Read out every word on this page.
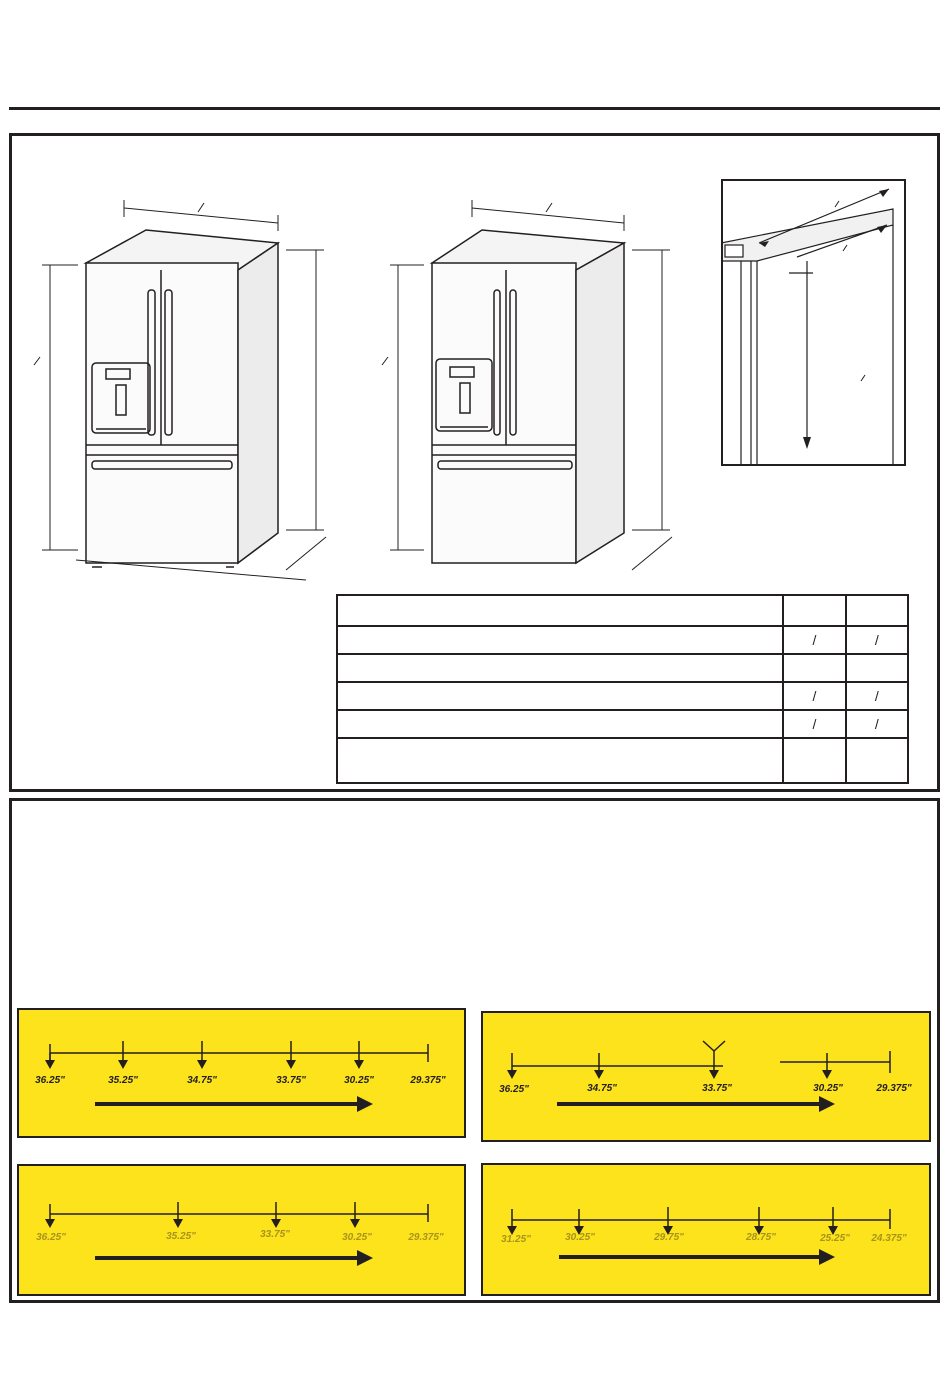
	/	/

	/	/
	/	/

36.25"	35.25"	34.75"	33.75"	30.25"	29.375"
36.25"	34.75"	33.75"	30.25"	29.375"
36.25"	35.25"	33.75"	30.25"	29.375"	31.25"	30.25"	29.75"	28.75"	25.25" 24.375"
